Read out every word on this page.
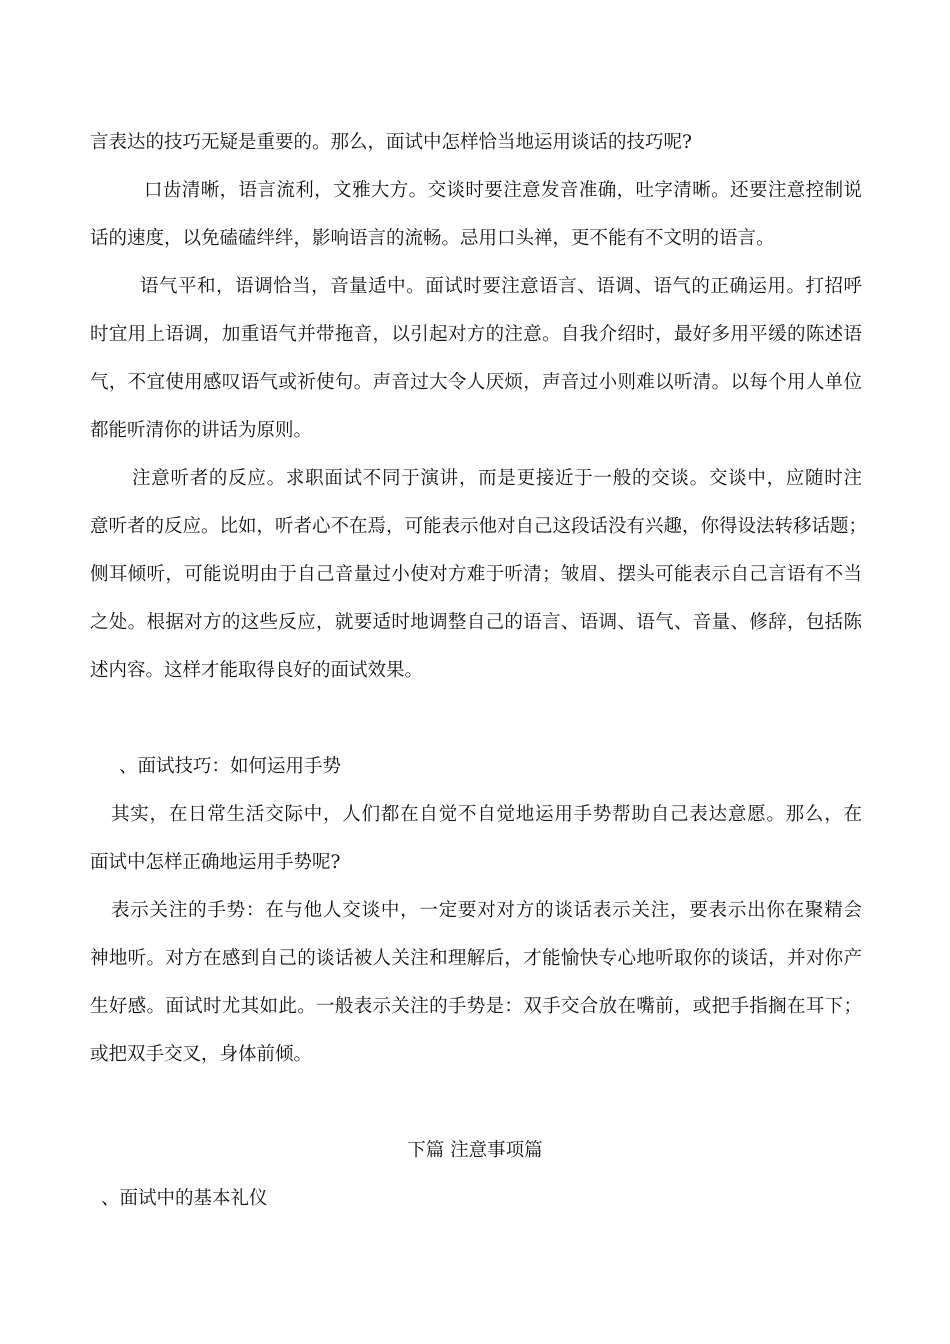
言表达的技巧无疑是重要的。那么，面试中怎样恰当地运用谈话的技巧呢?
口齿清晰，语言流利，文雅大方。交谈时要注意发音准确，吐字清晰。还要注意控制说
话的速度，以免磕磕绊绊，影响语言的流畅。忌用口头禅，更不能有不文明的语言。
语气平和，语调恰当，音量适中。面试时要注意语言、语调、语气的正确运用。打招呼
时宜用上语调，加重语气并带拖音，以引起对方的注意。自我介绍时，最好多用平缓的陈述语
气，不宜使用感叹语气或祈使句。声音过大令人厌烦，声音过小则难以听清。以每个用人单位
都能听清你的讲话为原则。
注意听者的反应。求职面试不同于演讲，而是更接近于一般的交谈。交谈中，应随时注
意听者的反应。比如，听者心不在焉，可能表示他对自己这段话没有兴趣，你得设法转移话题；
侧耳倾听，可能说明由于自己音量过小使对方难于听清；皱眉、摆头可能表示自己言语有不当
之处。根据对方的这些反应，就要适时地调整自己的语言、语调、语气、音量、修辞，包括陈
述内容。这样才能取得良好的面试效果。
、面试技巧：如何运用手势
其实，在日常生活交际中，人们都在自觉不自觉地运用手势帮助自己表达意愿。那么，在
面试中怎样正确地运用手势呢?
表示关注的手势：在与他人交谈中，一定要对对方的谈话表示关注，要表示出你在聚精会
神地听。对方在感到自己的谈话被人关注和理解后，才能愉快专心地听取你的谈话，并对你产
生好感。面试时尤其如此。一般表示关注的手势是：双手交合放在嘴前，或把手指搁在耳下；
或把双手交叉，身体前倾。
下篇 注意事项篇
、面试中的基本礼仪
